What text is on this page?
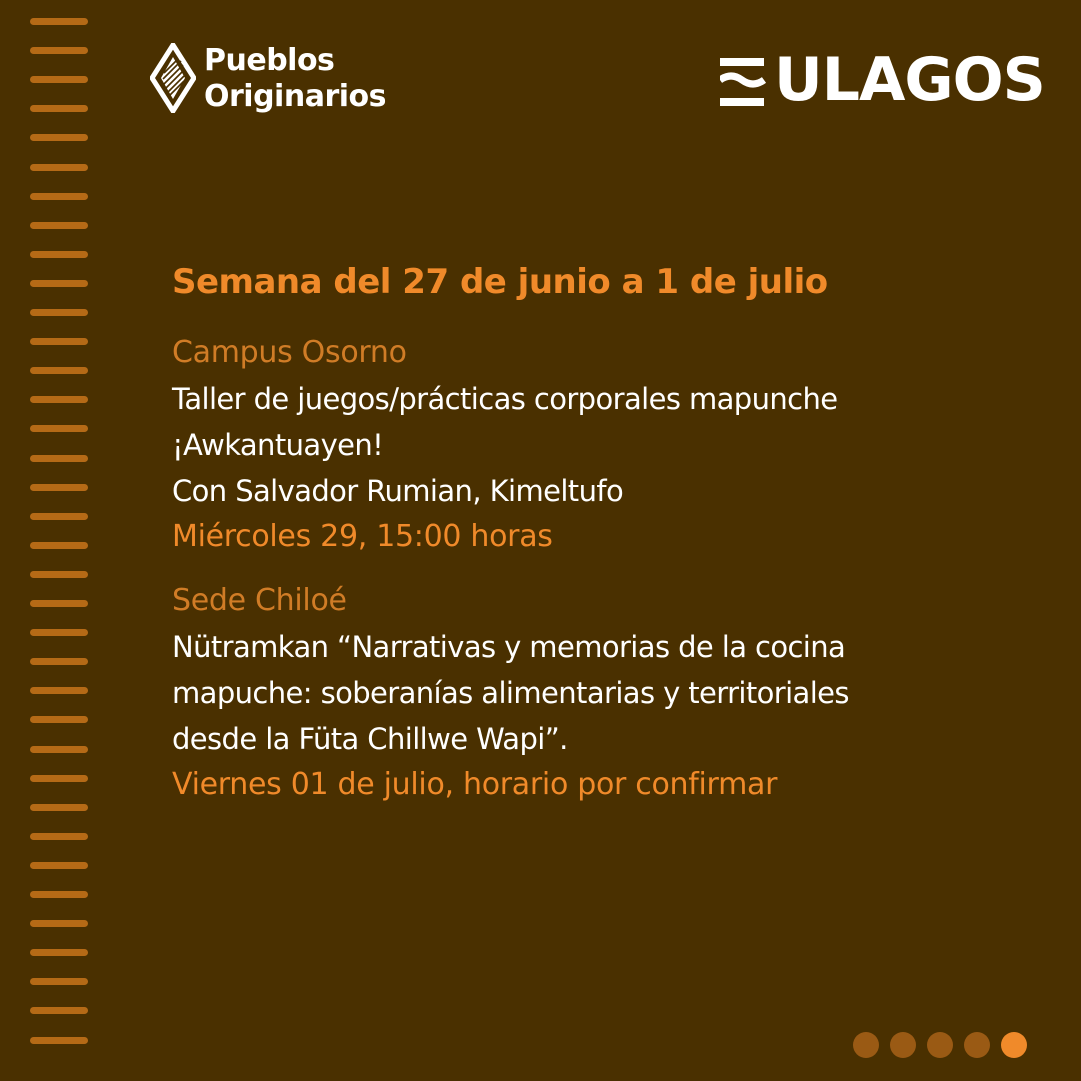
Pueblos
Originarios	ULAGOS
Semana del 27 de junio a 1 de julio
Campus Osorno
Taller de juegos/prácticas corporales mapunche
¡Awkantuayen!
Con Salvador Rumian, Kimeltufo
Miércoles 29, 15:00 horas
Sede Chiloé
Nütramkan “Narrativas y memorias de la cocina
mapuche: soberanías alimentarias y territoriales
desde la Füta Chillwe Wapi”.
Viernes 01 de julio, horario por confirmar
